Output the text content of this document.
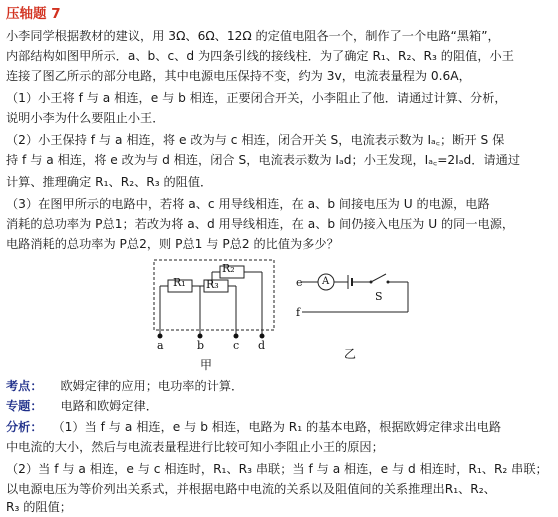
压轴题 7
小李同学根据教材的建议，用 3Ω、6Ω、12Ω 的定值电阻各一个，制作了一个电路“黑箱”，
内部结构如图甲所示．a、b、c、d 为四条引线的接线柱．为了确定 R₁、R₂、R₃ 的阻值，小王
连接了图乙所示的部分电路，其中电源电压保持不变，约为 3v，电流表量程为 0.6A，
（1）小王将 f 与 a 相连，e 与 b 相连，正要闭合开关，小李阻止了他．请通过计算、分析，
说明小李为什么要阻止小王．
（2）小王保持 f 与 a 相连，将 e 改为与 c 相连，闭合开关 S，电流表示数为 Iₐ꜀；断开 S 保
持 f 与 a 相连，将 e 改为与 d 相连，闭合 S，电流表示数为 Iₐd；小王发现，Iₐ꜀=2Iₐd．请通过
计算、推理确定 R₁、R₂、R₃ 的阻值．
（3）在图甲所示的电路中，若将 a、c 用导线相连，在 a、b 间接电压为 U 的电源，电路
消耗的总功率为 P总1；若改为将 a、d 用导线相连，在 a、b 间仍接入电压为 U 的同一电源，
电路消耗的总功率为 P总2，则 P总1 与 P总2 的比值为多少？
R₁
R₂
R₃
a	b	c d
甲
e
f
A
S
乙
考点： 欧姆定律的应用；电功率的计算．
专题： 电路和欧姆定律．
分析： （1）当 f 与 a 相连，e 与 b 相连，电路为 R₁ 的基本电路，根据欧姆定律求出电路
中电流的大小，然后与电流表量程进行比较可知小李阻止小王的原因；
（2）当 f 与 a 相连，e 与 c 相连时，R₁、R₃ 串联；当 f 与 a 相连，e 与 d 相连时，R₁、R₂ 串联；
以电源电压为等价列出关系式，并根据电路中电流的关系以及阻值间的关系推理出R₁、R₂、
R₃ 的阻值；
